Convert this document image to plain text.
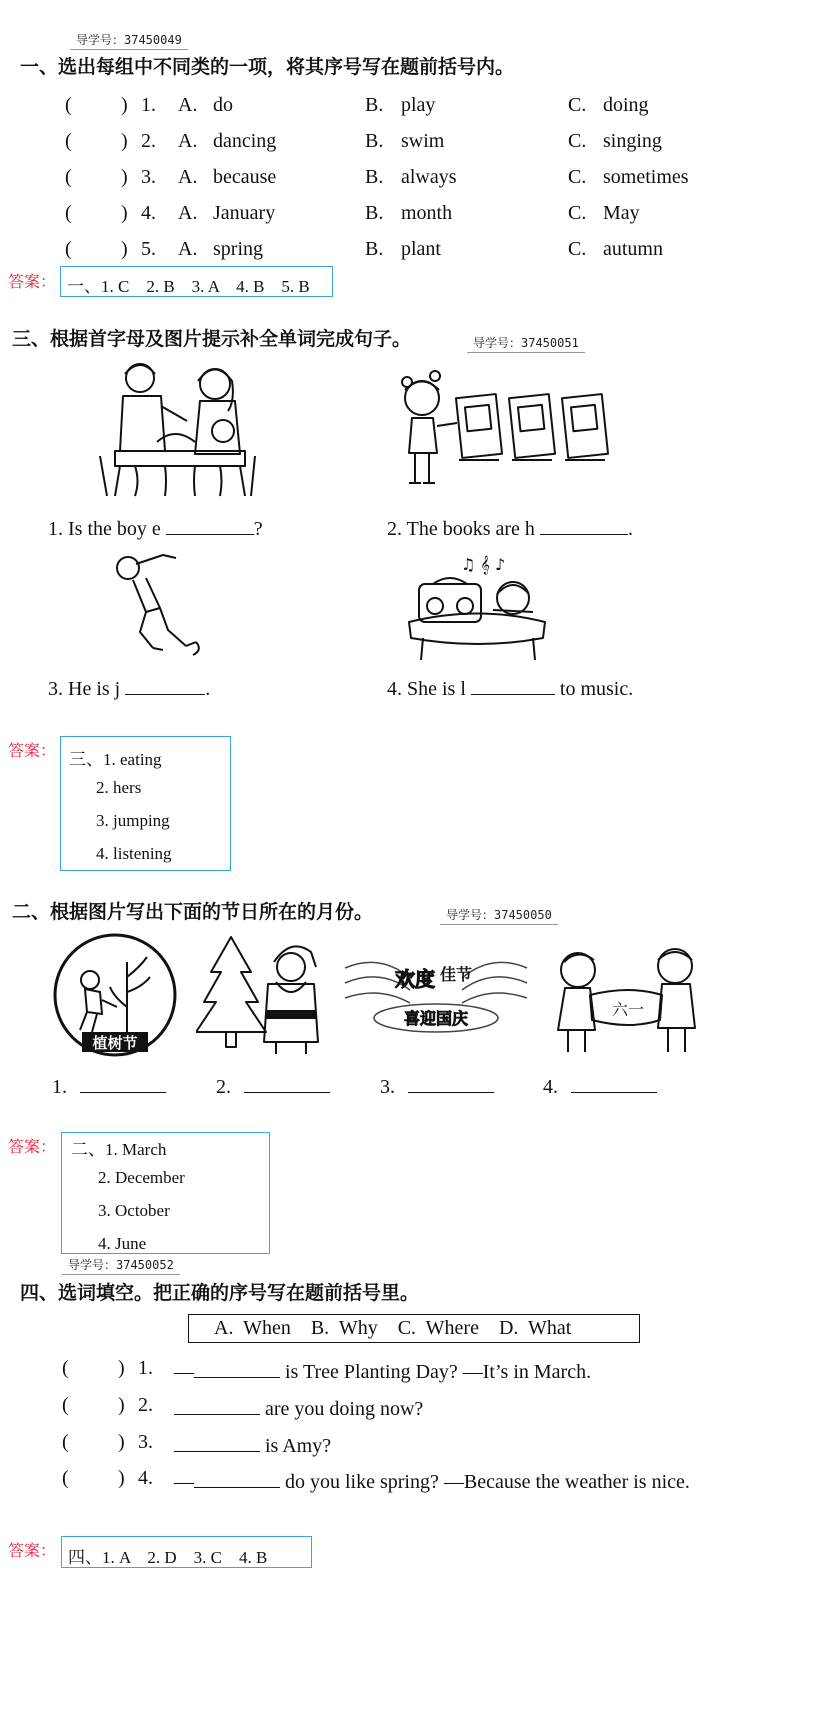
导学号：37450049
一、选出每组中不同类的一项，将其序号写在题前括号内。
( ) 1. A. do	B. play	C. doing
( ) 2. A. dancing	B. swim	C. singing
( ) 3. A. because	B. always	C. sometimes
( ) 4. A. January	B. month	C. May
( ) 5. A. spring	B. plant	C. autumn
答案： 一、1. C　2. B　3. A　4. B　5. B
三、根据首字母及图片提示补全单词完成句子。	导学号：37450051
1. Is the boy e	?	2. The books are h	.
♫ 𝄞 ♪
3. He is j	.	4. She is l	to music.
答案： 三、1. eating
2. hers
3. jumping
4. listening
二、根据图片写出下面的节日所在的月份。	导学号：37450050
植树节
欢度 佳节
喜迎国庆	六一
1.	2.	3.	4.
答案： 二、1. March
2. December
3. October
4. June
导学号：37450052
四、选词填空。把正确的序号写在题前括号里。
A.  When    B.  Why    C.  Where    D.  What
( ) 1. —	is Tree Planting Day? —It’s in March.
( ) 2.	are you doing now?
( ) 3.	is Amy?
( ) 4. —	do you like spring? —Because the weather is nice.
答案： 四、1. A　2. D　3. C　4. B
